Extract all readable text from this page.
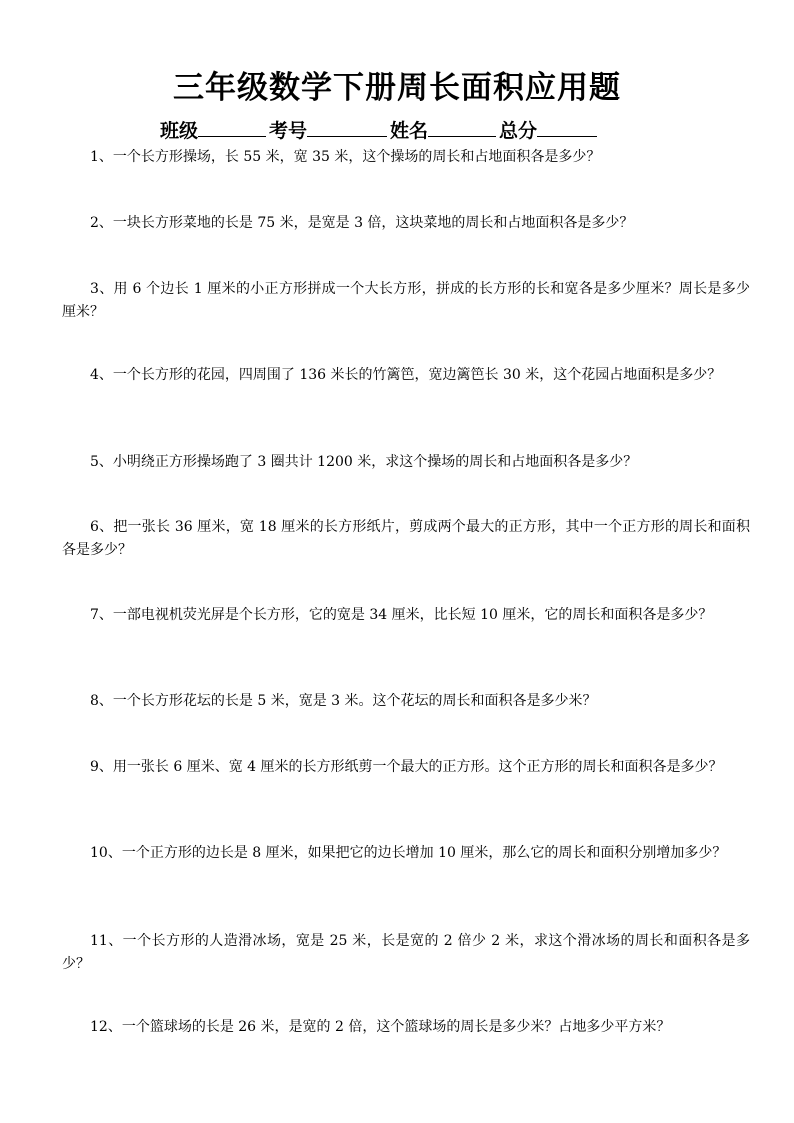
三年级数学下册周长面积应用题
班级	考号	姓名	总分
1、一个长方形操场，长 55 米，宽 35 米，这个操场的周长和占地面积各是多少？
2、一块长方形菜地的长是 75 米，是宽是 3 倍，这块菜地的周长和占地面积各是多少？
3、用 6 个边长 1 厘米的小正方形拼成一个大长方形，拼成的长方形的长和宽各是多少厘米？周长是多少厘米？
4、一个长方形的花园，四周围了 136 米长的竹篱笆，宽边篱笆长 30 米，这个花园占地面积是多少？
5、小明绕正方形操场跑了 3 圈共计 1200 米，求这个操场的周长和占地面积各是多少？
6、把一张长 36 厘米，宽 18 厘米的长方形纸片，剪成两个最大的正方形，其中一个正方形的周长和面积各是多少？
7、一部电视机荧光屏是个长方形，它的宽是 34 厘米，比长短 10 厘米，它的周长和面积各是多少？
8、一个长方形花坛的长是 5 米，宽是 3 米。这个花坛的周长和面积各是多少米？
9、用一张长 6 厘米、宽 4 厘米的长方形纸剪一个最大的正方形。这个正方形的周长和面积各是多少？
10、一个正方形的边长是 8 厘米，如果把它的边长增加 10 厘米，那么它的周长和面积分别增加多少？
11、一个长方形的人造滑冰场，宽是 25 米，长是宽的 2 倍少 2 米，求这个滑冰场的周长和面积各是多少？
12、一个篮球场的长是 26 米，是宽的 2 倍，这个篮球场的周长是多少米？占地多少平方米？
